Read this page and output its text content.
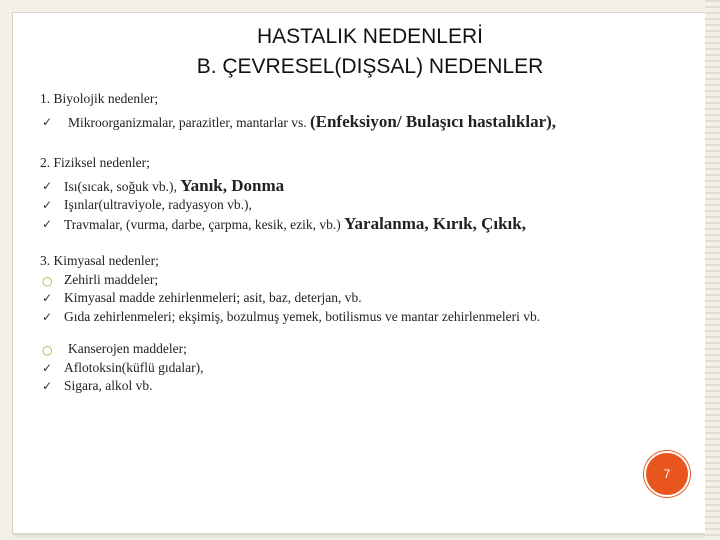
HASTALIK NEDENLERİ
B. ÇEVRESEL(DIŞSAL) NEDENLER
1. Biyolojik nedenler;
✓ Mikroorganizmalar, parazitler, mantarlar vs. (Enfeksiyon/ Bulaşıcı hastalıklar),
2. Fiziksel nedenler;
✓ Isı(sıcak, soğuk vb.), Yanık, Donma
✓ Işınlar(ultraviyole, radyasyon vb.),
✓ Travmalar, (vurma, darbe, çarpma, kesik, ezik, vb.) Yaralanma, Kırık, Çıkık,
3. Kimyasal nedenler;
○ Zehirli maddeler;
✓ Kimyasal madde zehirlenmeleri; asit, baz, deterjan, vb.
✓ Gıda zehirlenmeleri; ekşimiş, bozulmuş yemek, botilismus ve mantar zehirlenmeleri vb.
○ Kanserojen maddeler;
✓ Aflotoksin(küflü gıdalar),
✓ Sigara, alkol vb.
7
